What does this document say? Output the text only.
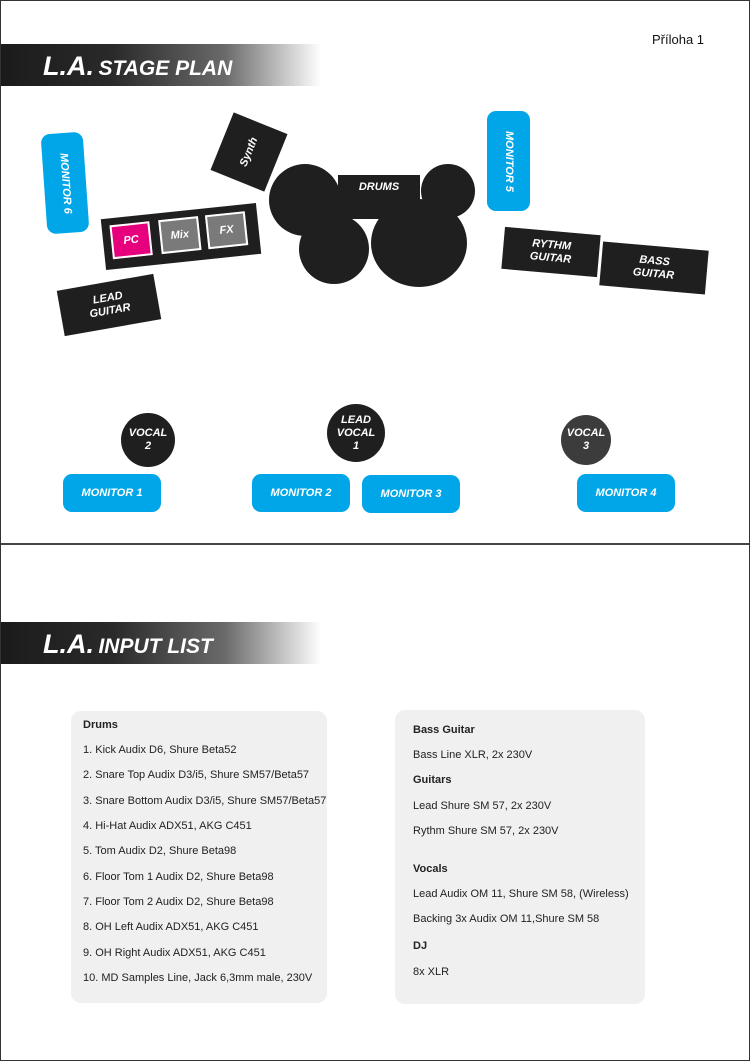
Příloha 1
L.A. STAGE PLAN
MONITOR 6
Synth
PC	Mix	FX
DRUMS	MONITOR 5
RYTHM
GUITAR	BASS
GUITAR
LEAD
GUITAR
VOCAL
2
LEAD
VOCAL
1
VOCAL
3
MONITOR 1	MONITOR 2	MONITOR 3	MONITOR 4
L.A. INPUT LIST
Drums
1. Kick Audix D6, Shure Beta52
2. Snare Top Audix D3/i5, Shure SM57/Beta57
3. Snare Bottom Audix D3/i5, Shure SM57/Beta57
4. Hi-Hat Audix ADX51, AKG C451
5. Tom Audix D2, Shure Beta98
6. Floor Tom 1 Audix D2, Shure Beta98
7. Floor Tom 2 Audix D2, Shure Beta98
8. OH Left Audix ADX51, AKG C451
9. OH Right Audix ADX51, AKG C451
10. MD Samples Line, Jack 6,3mm male, 230V
Bass Guitar
Bass Line XLR, 2x 230V
Guitars
Lead Shure SM 57, 2x 230V
Rythm Shure SM 57, 2x 230V
Vocals
Lead Audix OM 11, Shure SM 58, (Wireless)
Backing 3x Audix OM 11,Shure SM 58
DJ
8x XLR
